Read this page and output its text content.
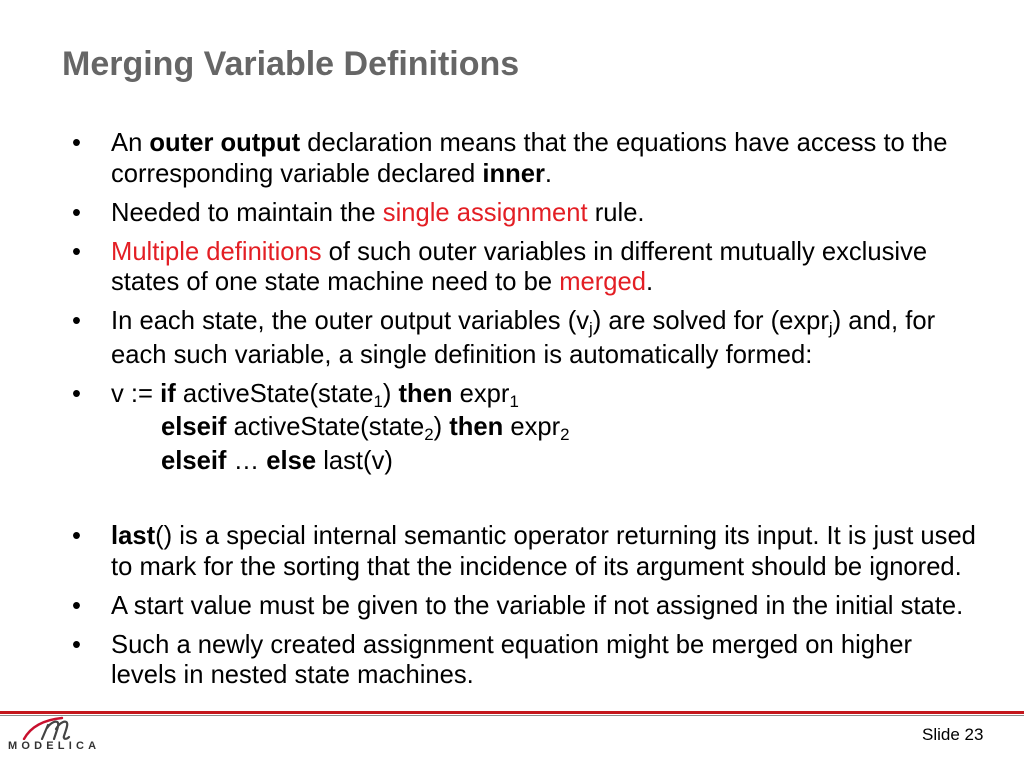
Merging Variable Definitions
• An outer output declaration means that the equations have access to the
corresponding variable declared inner.
• Needed to maintain the single assignment rule.
• Multiple definitions of such outer variables in different mutually exclusive
states of one state machine need to be merged.
• In each state, the outer output variables (vj) are solved for (exprj) and, for
each such variable, a single definition is automatically formed:
• v := if activeState(state1) then expr1
elseif activeState(state2) then expr2
elseif … else last(v)
• last() is a special internal semantic operator returning its input. It is just used
to mark for the sorting that the incidence of its argument should be ignored.
• A start value must be given to the variable if not assigned in the initial state.
• Such a newly created assignment equation might be merged on higher
levels in nested state machines.
MODELICA
Slide 23
